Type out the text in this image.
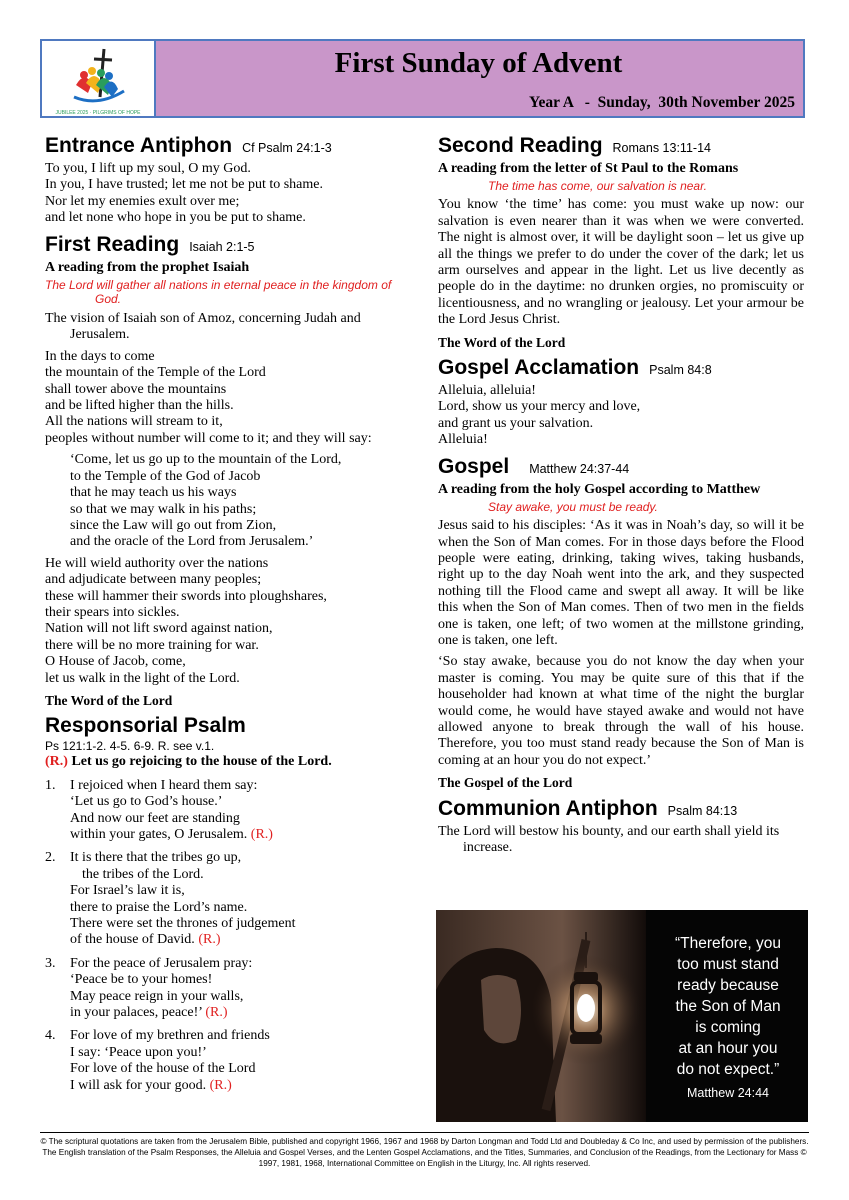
JUBILEE 2025 · PILGRIMS OF HOPE
First Sunday of Advent
Year A   -  Sunday,  30th November 2025
Entrance Antiphon Cf Psalm 24:1-3

To you, I lift up my soul, O my God.

In you, I have trusted; let me not be put to shame.

Nor let my enemies exult over me;

and let none who hope in you be put to shame.

First Reading Isaiah 2:1-5

A reading from the prophet Isaiah

The Lord will gather all nations in eternal peace in the kingdom of God.

The vision of Isaiah son of Amoz, concerning Judah and Jerusalem.

In the days to come

the mountain of the Temple of the Lord

shall tower above the mountains

and be lifted higher than the hills.

All the nations will stream to it,

peoples without number will come to it; and they will say:

‘Come, let us go up to the mountain of the Lord,

to the Temple of the God of Jacob

that he may teach us his ways

so that we may walk in his paths;

since the Law will go out from Zion,

and the oracle of the Lord from Jerusalem.’

He will wield authority over the nations

and adjudicate between many peoples;

these will hammer their swords into ploughshares,

their spears into sickles.

Nation will not lift sword against nation,

there will be no more training for war.

O House of Jacob, come,

let us walk in the light of the Lord.

The Word of the Lord

Responsorial Psalm

Ps 121:1-2. 4-5. 6-9. R. see v.1.

(R.) Let us go rejoicing to the house of the Lord.

1. I rejoiced when I heard them say:
‘Let us go to God’s house.’
And now our feet are standing
within your gates, O Jerusalem. (R.)
2. It is there that the tribes go up,
the tribes of the Lord.
For Israel’s law it is,
there to praise the Lord’s name.
There were set the thrones of judgement
of the house of David. (R.)
3. For the peace of Jerusalem pray:
‘Peace be to your homes!
May peace reign in your walls,
in your palaces, peace!’ (R.)
4. For love of my brethren and friends
I say: ‘Peace upon you!’
For love of the house of the Lord
I will ask for your good. (R.)
Second Reading Romans 13:11-14

A reading from the letter of St Paul to the Romans

The time has come, our salvation is near.

You know ‘the time’ has come: you must wake up now: our salvation is even nearer than it was when we were converted. The night is almost over, it will be daylight soon – let us give up all the things we prefer to do under the cover of the dark; let us arm ourselves and appear in the light. Let us live decently as people do in the daytime: no drunken orgies, no promiscuity or licentiousness, and no wrangling or jealousy. Let your armour be the Lord Jesus Christ.

The Word of the Lord

Gospel Acclamation Psalm 84:8

Alleluia, alleluia!

Lord, show us your mercy and love,

and grant us your salvation.

Alleluia!

Gospel Matthew 24:37-44

A reading from the holy Gospel according to Matthew

Stay awake, you must be ready.

Jesus said to his disciples: ‘As it was in Noah’s day, so will it be when the Son of Man comes. For in those days before the Flood people were eating, drinking, taking wives, taking husbands, right up to the day Noah went into the ark, and they suspected nothing till the Flood came and swept all away. It will be like this when the Son of Man comes. Then of two men in the fields one is taken, one left; of two women at the millstone grinding, one is taken, one left.

‘So stay awake, because you do not know the day when your master is coming. You may be quite sure of this that if the householder had known at what time of the night the burglar would come, he would have stayed awake and would not have allowed anyone to break through the wall of his house. Therefore, you too must stand ready because the Son of Man is coming at an hour you do not expect.’

The Gospel of the Lord

Communion Antiphon Psalm 84:13

The Lord will bestow his bounty, and our earth shall yield its increase.

“Therefore, you
too must stand
ready because
the Son of Man
is coming
at an hour you
do not expect.”
Matthew 24:44
© The scriptural quotations are taken from the Jerusalem Bible, published and copyright 1966, 1967 and 1968 by Darton Longman and Todd Ltd and Doubleday & Co Inc, and used by permission of the publishers. The English translation of the Psalm Responses, the Alleluia and Gospel Verses, and the Lenten Gospel Acclamations, and the Titles, Summaries, and Conclusion of the Readings, from the Lectionary for Mass © 1997, 1981, 1968, International Committee on English in the Liturgy, Inc. All rights reserved.
